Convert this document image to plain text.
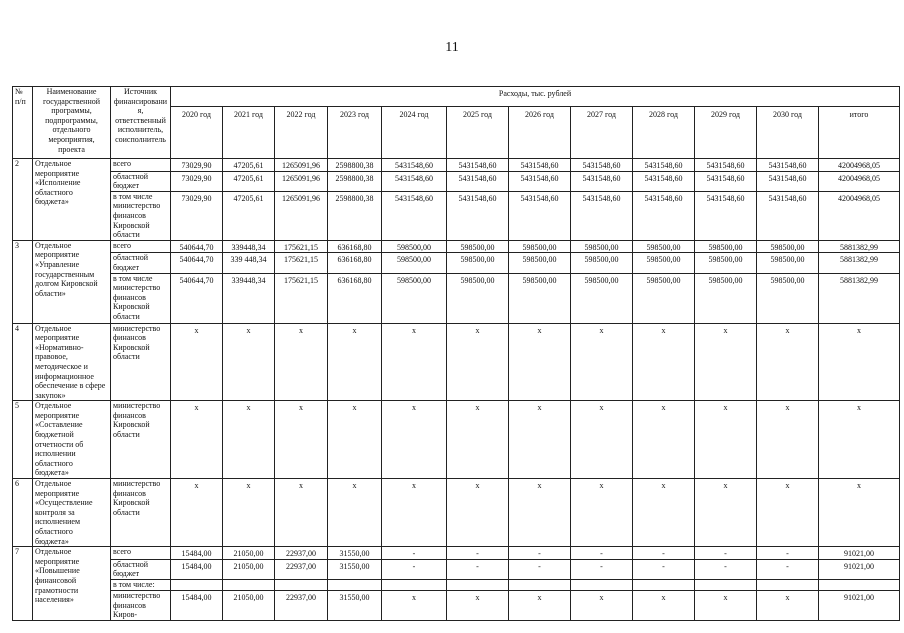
11
№ п/п	Наименование государственной программы, подпрограммы, отдельного мероприятия, проекта	Источник финансирования, ответственный исполнитель, соисполнитель	Расходы, тыс. рублей											
			2020 год	2021 год	2022 год	2023 год	2024 год	2025 год	2026 год	2027 год	2028 год	2029 год	2030 год	итого
2	Отдельное мероприятие «Исполнение областного бюджета»	всего	73029,90	47205,61	1265091,96	2598800,38	5431548,60	5431548,60	5431548,60	5431548,60	5431548,60	5431548,60	5431548,60	42004968,05
		областной бюджет	73029,90	47205,61	1265091,96	2598800,38	5431548,60	5431548,60	5431548,60	5431548,60	5431548,60	5431548,60	5431548,60	42004968,05
		в том числе министерство финансов Кировской области	73029,90	47205,61	1265091,96	2598800,38	5431548,60	5431548,60	5431548,60	5431548,60	5431548,60	5431548,60	5431548,60	42004968,05
3	Отдельное мероприятие «Управление государственным долгом Кировской области»	всего	540644,70	339448,34	175621,15	636168,80	598500,00	598500,00	598500,00	598500,00	598500,00	598500,00	598500,00	5881382,99
		областной бюджет	540644,70	339 448,34	175621,15	636168,80	598500,00	598500,00	598500,00	598500,00	598500,00	598500,00	598500,00	5881382,99
		в том числе министерство финансов Кировской области	540644,70	339448,34	175621,15	636168,80	598500,00	598500,00	598500,00	598500,00	598500,00	598500,00	598500,00	5881382,99
4	Отдельное мероприятие «Нормативно-правовое, методическое и информационное обеспечение в сфере закупок»	министерство финансов Кировской области	x	x	x	x	x	x	x	x	x	x	x	x
5	Отдельное мероприятие «Составление бюджетной отчетности об исполнении областного бюджета»	министерство финансов Кировской области	x	x	x	x	x	x	x	x	x	x	x	x
6	Отдельное мероприятие «Осуществление контроля за исполнением областного бюджета»	министерство финансов Кировской области	x	x	x	x	x	x	x	x	x	x	x	x
7	Отдельное мероприятие «Повышение финансовой грамотности населения»	всего	15484,00	21050,00	22937,00	31550,00	-	-	-	-	-	-	-	91021,00
		областной бюджет	15484,00	21050,00	22937,00	31550,00	-	-	-	-	-	-	-	91021,00
		в том числе:												
		министерство финансов Киров-	15484,00	21050,00	22937,00	31550,00	x	x	x	x	x	x	x	91021,00
